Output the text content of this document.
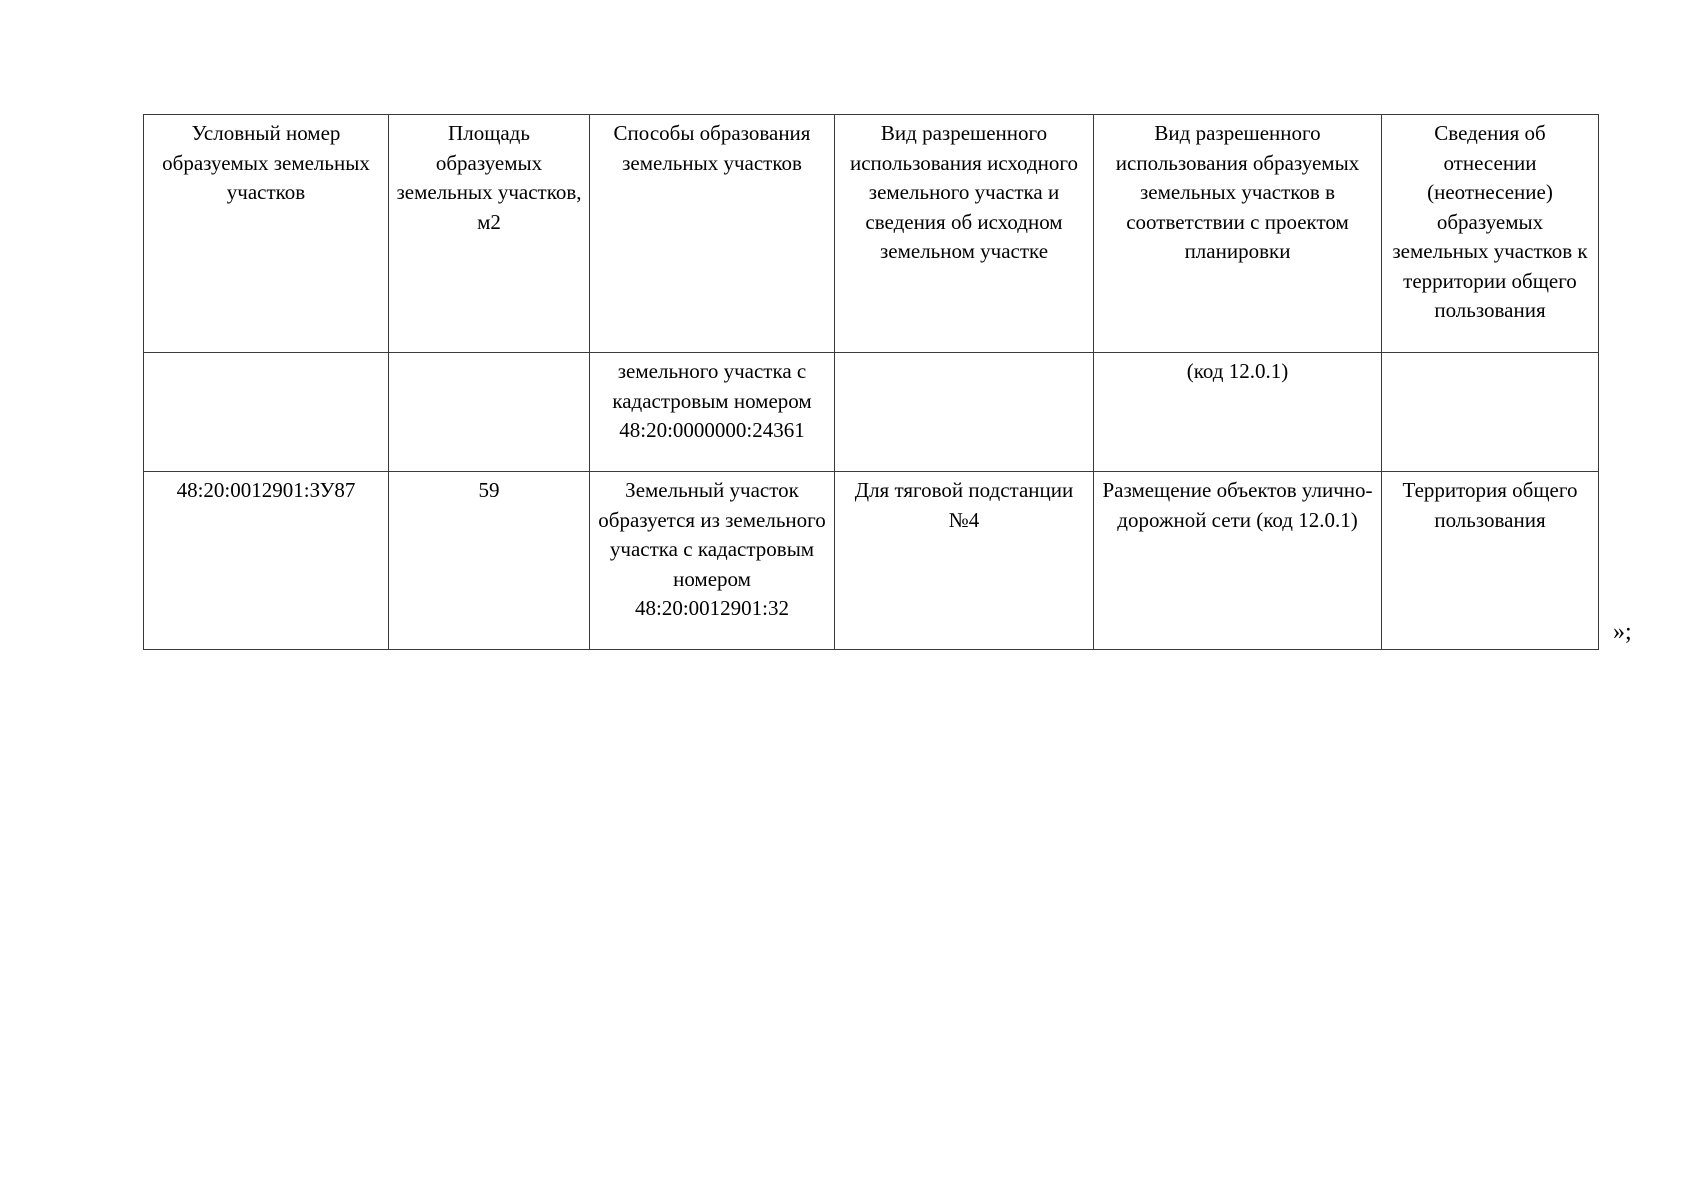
Условный номер образуемых земельных участков	Площадь образуемых земельных участков, м2	Способы образования земельных участков	Вид разрешенного использования исходного земельного участка и сведения об исходном земельном участке	Вид разрешенного использования образуемых земельных участков в соответствии с проектом планировки	Сведения об отнесении (неотнесение) образуемых земельных участков к территории общего пользования
		земельного участка с кадастровым номером 48:20:0000000:24361		(код 12.0.1)	
48:20:0012901:ЗУ87	59	Земельный участок образуется из земельного участка с кадастровым номером 48:20:0012901:32	Для тяговой подстанции №4	Размещение объектов улично-дорожной сети (код 12.0.1)	Территория общего пользования
»;
